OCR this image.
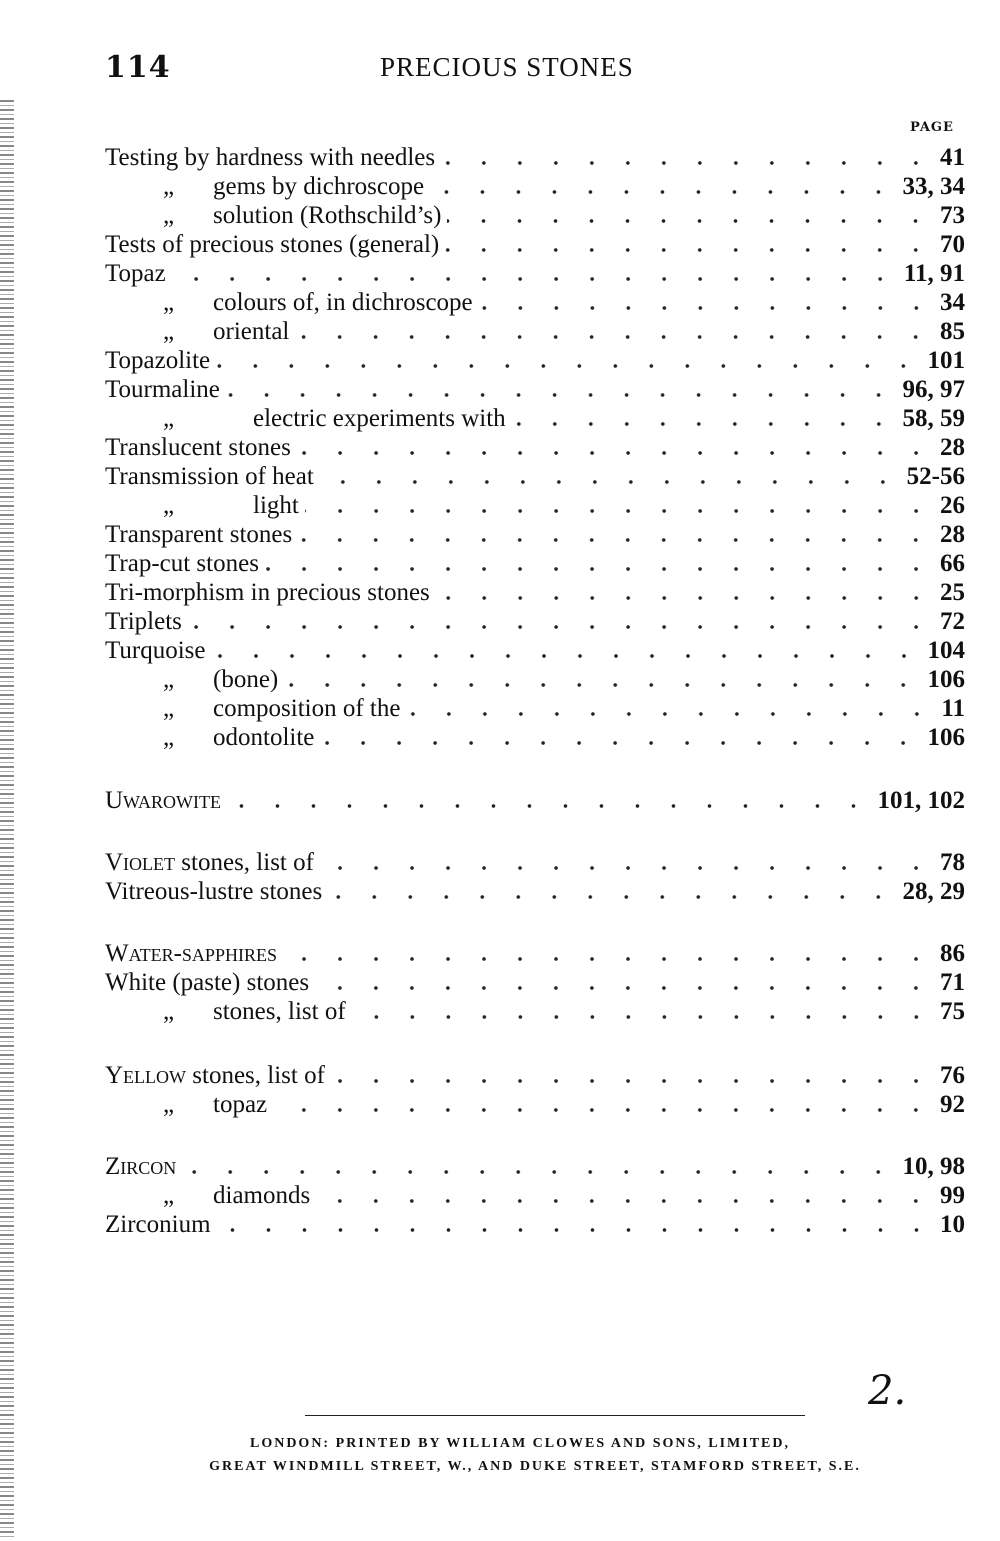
114	PRECIOUS STONES
PAGE
Testing by hardness with needles	41
„ gems by dichroscope	33, 34
„ solution (Rothschild’s)	73
Tests of precious stones (general)	70
Topaz	11, 91
„ colours of, in dichroscope	34
„ oriental	85
Topazolite	101
Tourmaline	96, 97
„	electric experiments with	58, 59
Translucent stones	28
Transmission of heat	52-56
„	light	26
Transparent stones	28
Trap-cut stones	66
Tri-morphism in precious stones	25
Triplets	72
Turquoise	104
„ (bone)	106
„ composition of the	11
„ odontolite	106
Uwarowite	101, 102
Violet stones, list of	78
Vitreous-lustre stones	28, 29
Water-sapphires	86
White (paste) stones	71
„ stones, list of	75
Yellow stones, list of	76
„ topaz	92
Zircon	10, 98
„ diamonds	99
Zirconium	10
2.
LONDON: PRINTED BY WILLIAM CLOWES AND SONS, LIMITED,
GREAT WINDMILL STREET, W., AND DUKE STREET, STAMFORD STREET, S.E.
